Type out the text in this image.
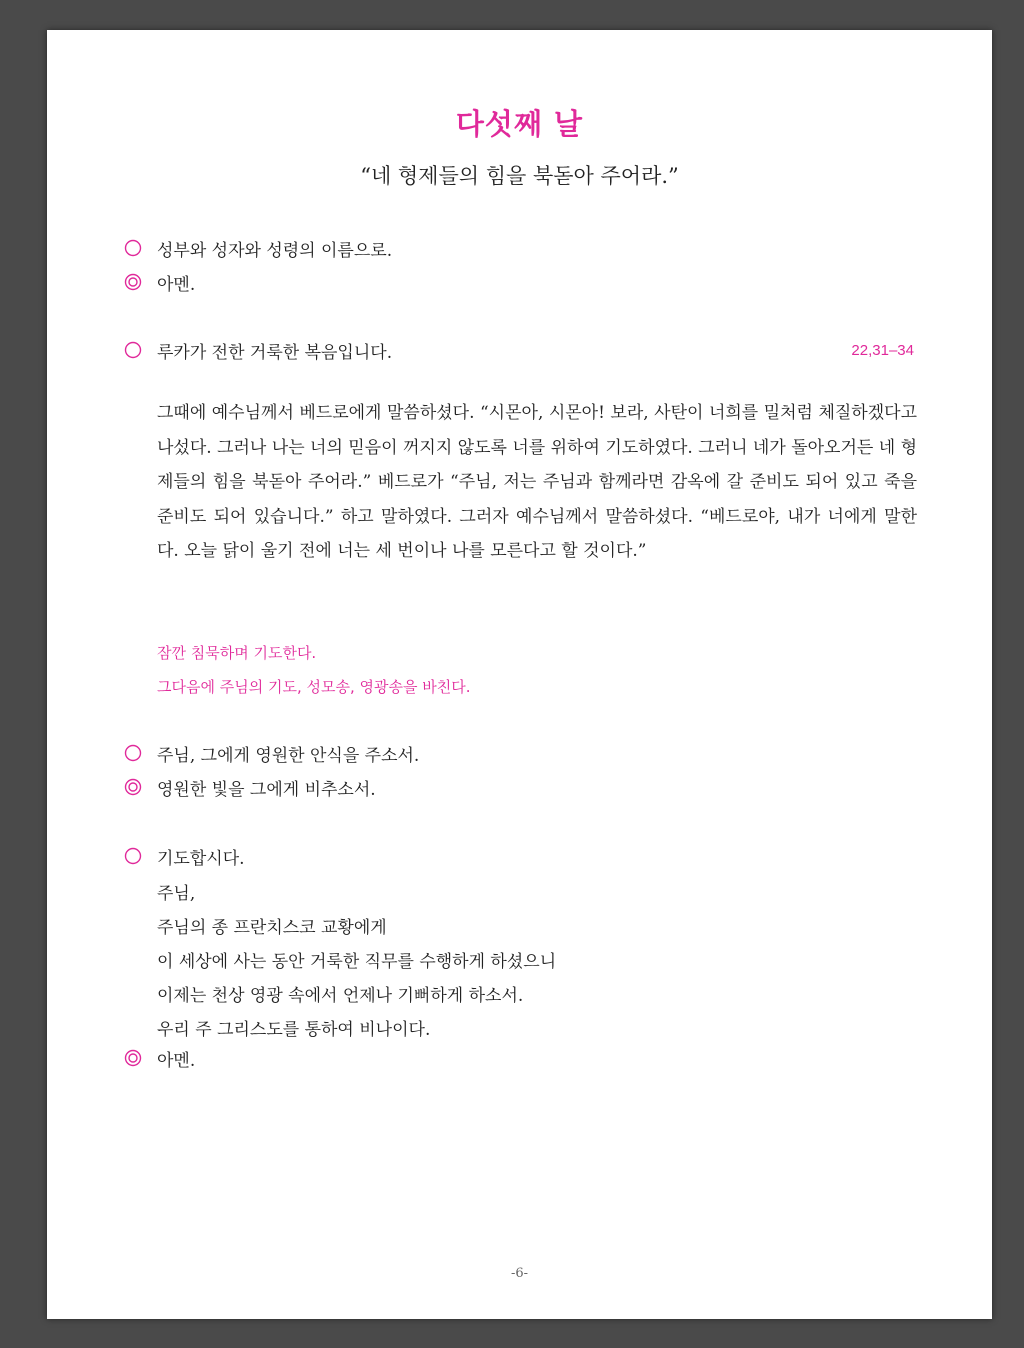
다섯째 날
“네 형제들의 힘을 북돋아 주어라.”
성부와 성자와 성령의 이름으로.
아멘.
루카가 전한 거룩한 복음입니다.	22,31–34
그때에 예수님께서 베드로에게 말씀하셨다. “시몬아, 시몬아! 보라, 사탄이 너희를 밀처럼 체질하겠다고 나섰다. 그러나 나는 너의 믿음이 꺼지지 않도록 너를 위하여 기도하였다. 그러니 네가 돌아오거든 네 형제들의 힘을 북돋아 주어라.” 베드로가 “주님, 저는 주님과 함께라면 감옥에 갈 준비도 되어 있고 죽을 준비도 되어 있습니다.” 하고 말하였다. 그러자 예수님께서 말씀하셨다. “베드로야, 내가 너에게 말한다. 오늘 닭이 울기 전에 너는 세 번이나 나를 모른다고 할 것이다.”
잠깐 침묵하며 기도한다.
그다음에 주님의 기도, 성모송, 영광송을 바친다.
주님, 그에게 영원한 안식을 주소서.
영원한 빛을 그에게 비추소서.
기도합시다.
주님,
주님의 종 프란치스코 교황에게
이 세상에 사는 동안 거룩한 직무를 수행하게 하셨으니
이제는 천상 영광 속에서 언제나 기뻐하게 하소서.
우리 주 그리스도를 통하여 비나이다.
아멘.
-6-
